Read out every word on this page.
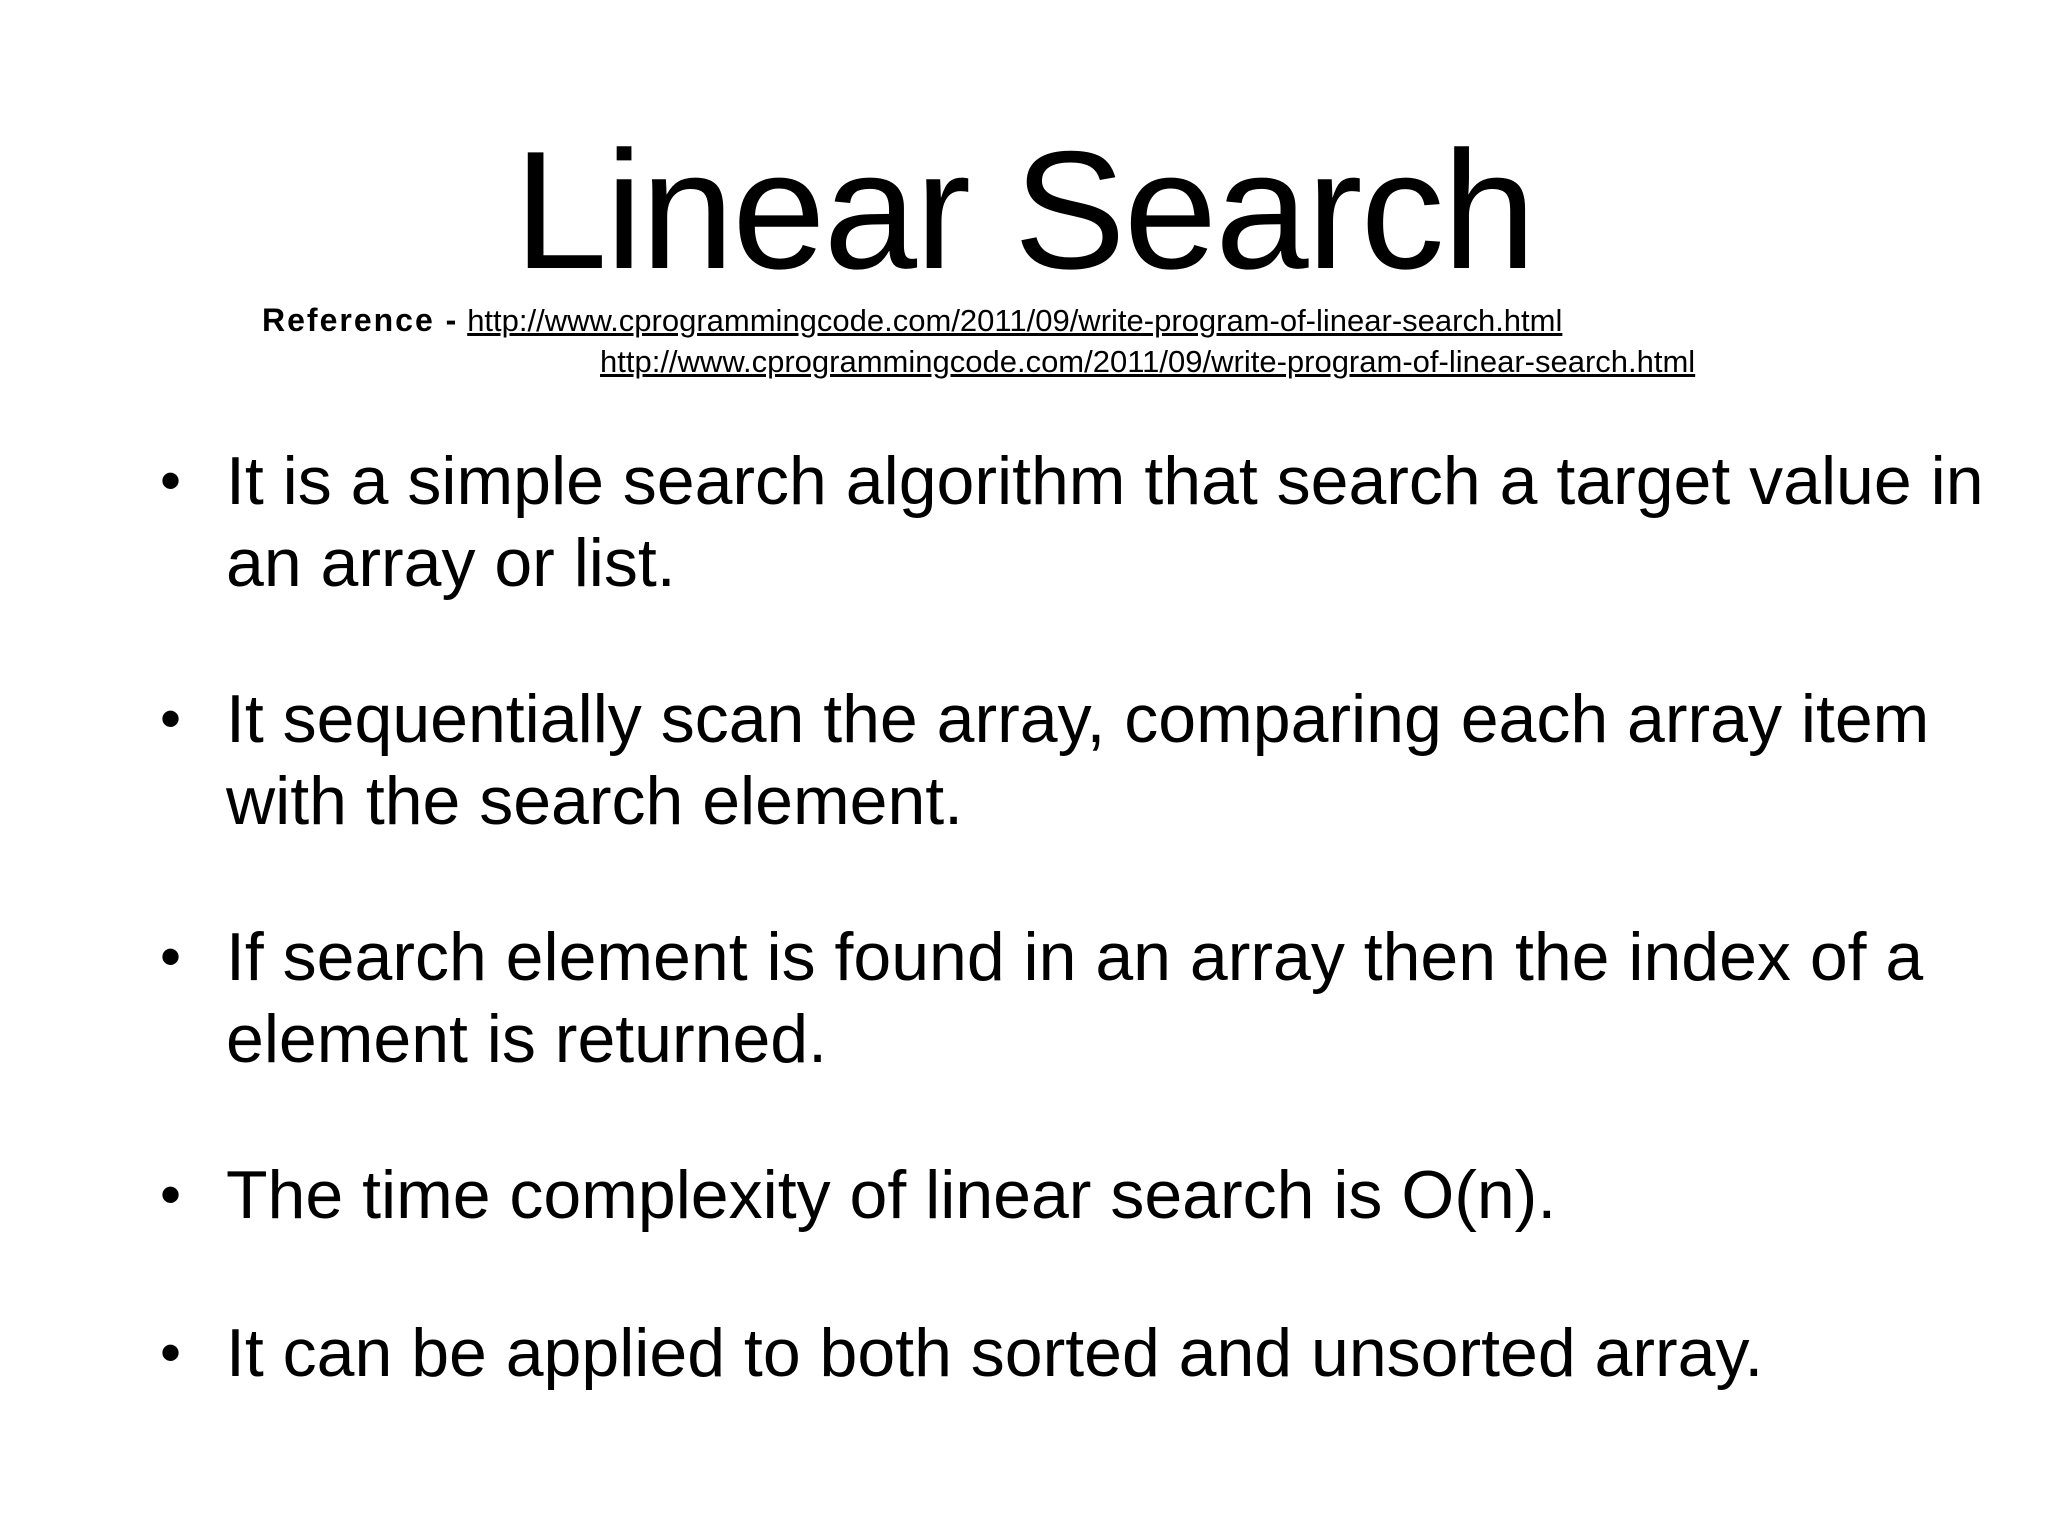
Linear Search
Reference - http://www.cprogrammingcode.com/2011/09/write-program-of-linear-search.html
http://www.cprogrammingcode.com/2011/09/write-program-of-linear-search.html
• It is a simple search algorithm that search a target value in an array or list.
• It sequentially scan the array, comparing each array item with the search element.
• If search element is found in an array then the index of a element is returned.
• The time complexity of linear search is O(n).
• It can be applied to both sorted and unsorted array.
